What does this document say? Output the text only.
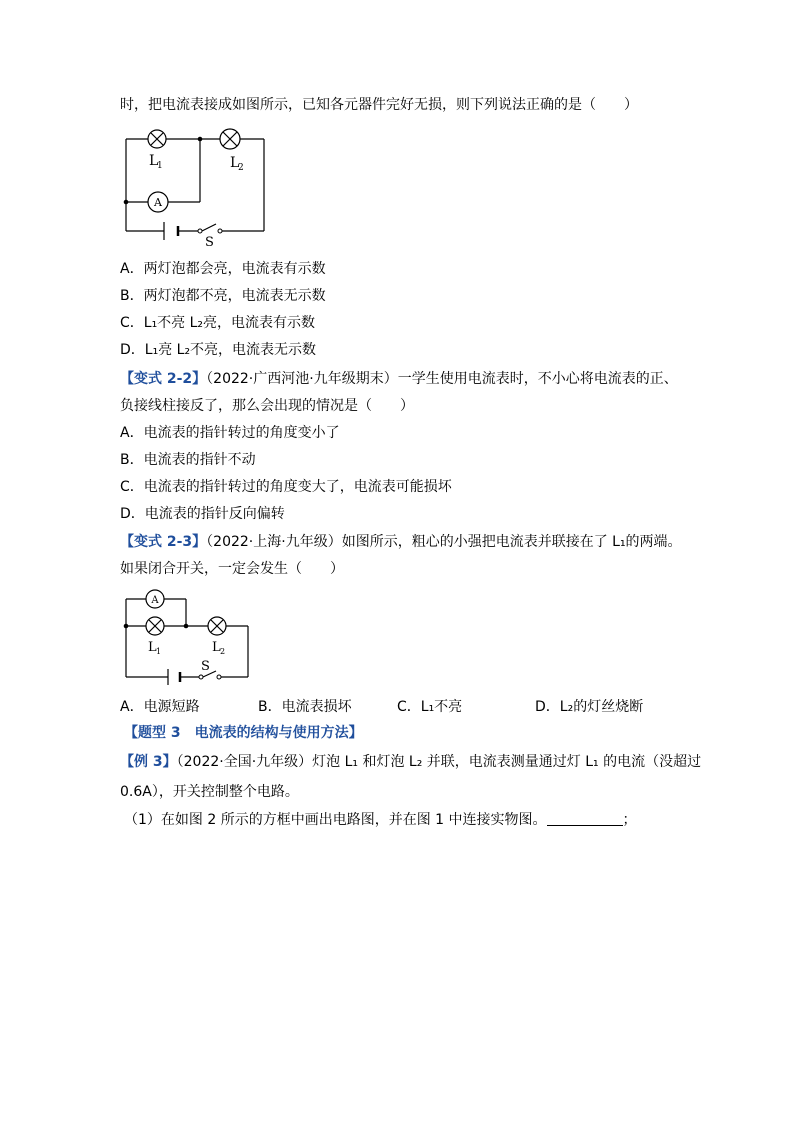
时，把电流表接成如图所示，已知各元器件完好无损，则下列说法正确的是（　　）
A
L
1	L
2
S
A．两灯泡都会亮，电流表有示数
B．两灯泡都不亮，电流表无示数
C．L₁不亮 L₂亮，电流表有示数
D．L₁亮 L₂不亮，电流表无示数
【变式 2-2】（2022·广西河池·九年级期末）一学生使用电流表时，不小心将电流表的正、
负接线柱接反了，那么会出现的情况是（　　）
A．电流表的指针转过的角度变小了
B．电流表的指针不动
C．电流表的指针转过的角度变大了，电流表可能损坏
D．电流表的指针反向偏转
【变式 2-3】（2022·上海·九年级）如图所示，粗心的小强把电流表并联接在了 L₁的两端。
如果闭合开关，一定会发生（　　）
A
L 1	L 2
S
A．电源短路	B．电流表损坏	C．L₁不亮	D．L₂的灯丝烧断
【题型 3　电流表的结构与使用方法】
【例 3】（2022·全国·九年级）灯泡 L₁ 和灯泡 L₂ 并联，电流表测量通过灯 L₁ 的电流（没超过
0.6A），开关控制整个电路。
（1）在如图 2 所示的方框中画出电路图，并在图 1 中连接实物图。	；
